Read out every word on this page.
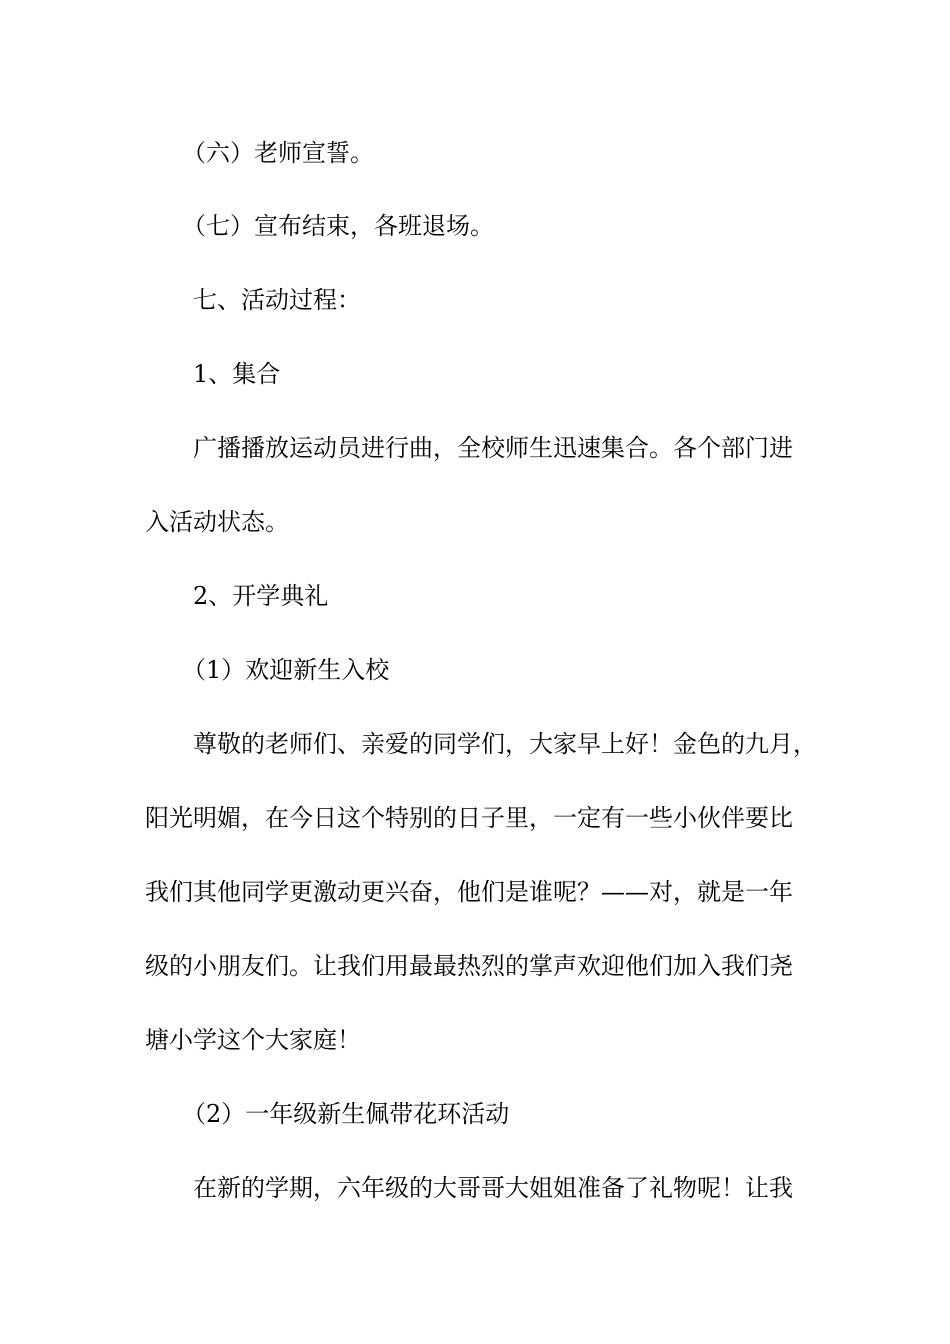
（六）老师宣誓。
（七）宣布结束，各班退场。
七、活动过程：
1、集合
广播播放运动员进行曲，全校师生迅速集合。各个部门进
入活动状态。
2、开学典礼
（1）欢迎新生入校
尊敬的老师们、亲爱的同学们，大家早上好！金色的九月，
阳光明媚，在今日这个特别的日子里，一定有一些小伙伴要比
我们其他同学更激动更兴奋，他们是谁呢？——对，就是一年
级的小朋友们。让我们用最最热烈的掌声欢迎他们加入我们尧
塘小学这个大家庭！
（2）一年级新生佩带花环活动
在新的学期，六年级的大哥哥大姐姐准备了礼物呢！让我
